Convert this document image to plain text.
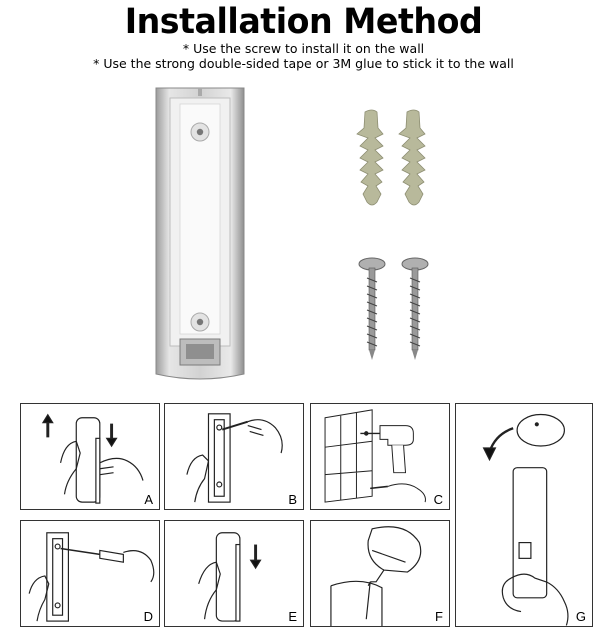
Installation Method
* Use the screw to install it on the wall
* Use the strong double-sided tape or 3M glue to stick it to the wall
A	B	C
D	E	F	G
